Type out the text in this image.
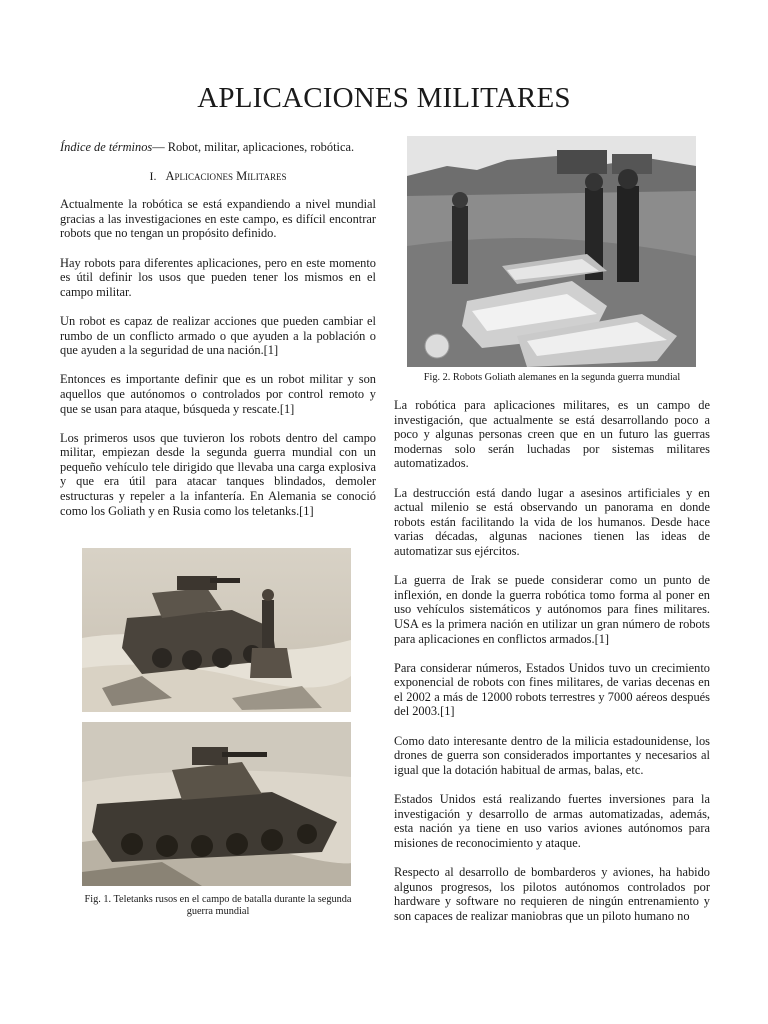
APLICACIONES MILITARES
Índice de términos— Robot, militar, aplicaciones, robótica.
I. Aplicaciones Militares

Actualmente la robótica se está expandiendo a nivel mundial gracias a las investigaciones en este campo, es difícil encontrar robots que no tengan un propósito definido.

Hay robots para diferentes aplicaciones, pero en este momento es útil definir los usos que pueden tener los mismos en el campo militar.

Un robot es capaz de realizar acciones que pueden cambiar el rumbo de un conflicto armado o que ayuden a la población o que ayuden a la seguridad de una nación.[1]

Entonces es importante definir que es un robot militar y son aquellos que autónomos o controlados por control remoto y que se usan para ataque, búsqueda y rescate.[1]

Los primeros usos que tuvieron los robots dentro del campo militar, empiezan desde la segunda guerra mundial con un pequeño vehículo tele dirigido que llevaba una carga explosiva y que era útil para atacar tanques blindados, demoler estructuras y repeler a la infantería. En Alemania se conoció como los Goliath y en Rusia como los teletanks.[1]

Fig. 1. Teletanks rusos en el campo de batalla durante la segunda
guerra mundial
Fig. 2. Robots Goliath alemanes en la segunda guerra mundial

La robótica para aplicaciones militares, es un campo de investigación, que actualmente se está desarrollando poco a poco y algunas personas creen que en un futuro las guerras modernas solo serán luchadas por sistemas militares automatizados.

La destrucción está dando lugar a asesinos artificiales y en actual milenio se está observando un panorama en donde robots están facilitando la vida de los humanos. Desde hace varias décadas, algunas naciones tienen las ideas de automatizar sus ejércitos.

La guerra de Irak se puede considerar como un punto de inflexión, en donde la guerra robótica tomo forma al poner en uso vehículos sistemáticos y autónomos para fines militares. USA es la primera nación en utilizar un gran número de robots para aplicaciones en conflictos armados.[1]

Para considerar números, Estados Unidos tuvo un crecimiento exponencial de robots con fines militares, de varias decenas en el 2002 a más de 12000 robots terrestres y 7000 aéreos después del 2003.[1]

Como dato interesante dentro de la milicia estadounidense, los drones de guerra son considerados importantes y necesarios al igual que la dotación habitual de armas, balas, etc.

Estados Unidos está realizando fuertes inversiones para la investigación y desarrollo de armas automatizadas, además, esta nación ya tiene en uso varios aviones autónomos para misiones de reconocimiento y ataque.

Respecto al desarrollo de bombarderos y aviones, ha habido algunos progresos, los pilotos autónomos controlados por hardware y software no requieren de ningún entrenamiento y son capaces de realizar maniobras que un piloto humano no
